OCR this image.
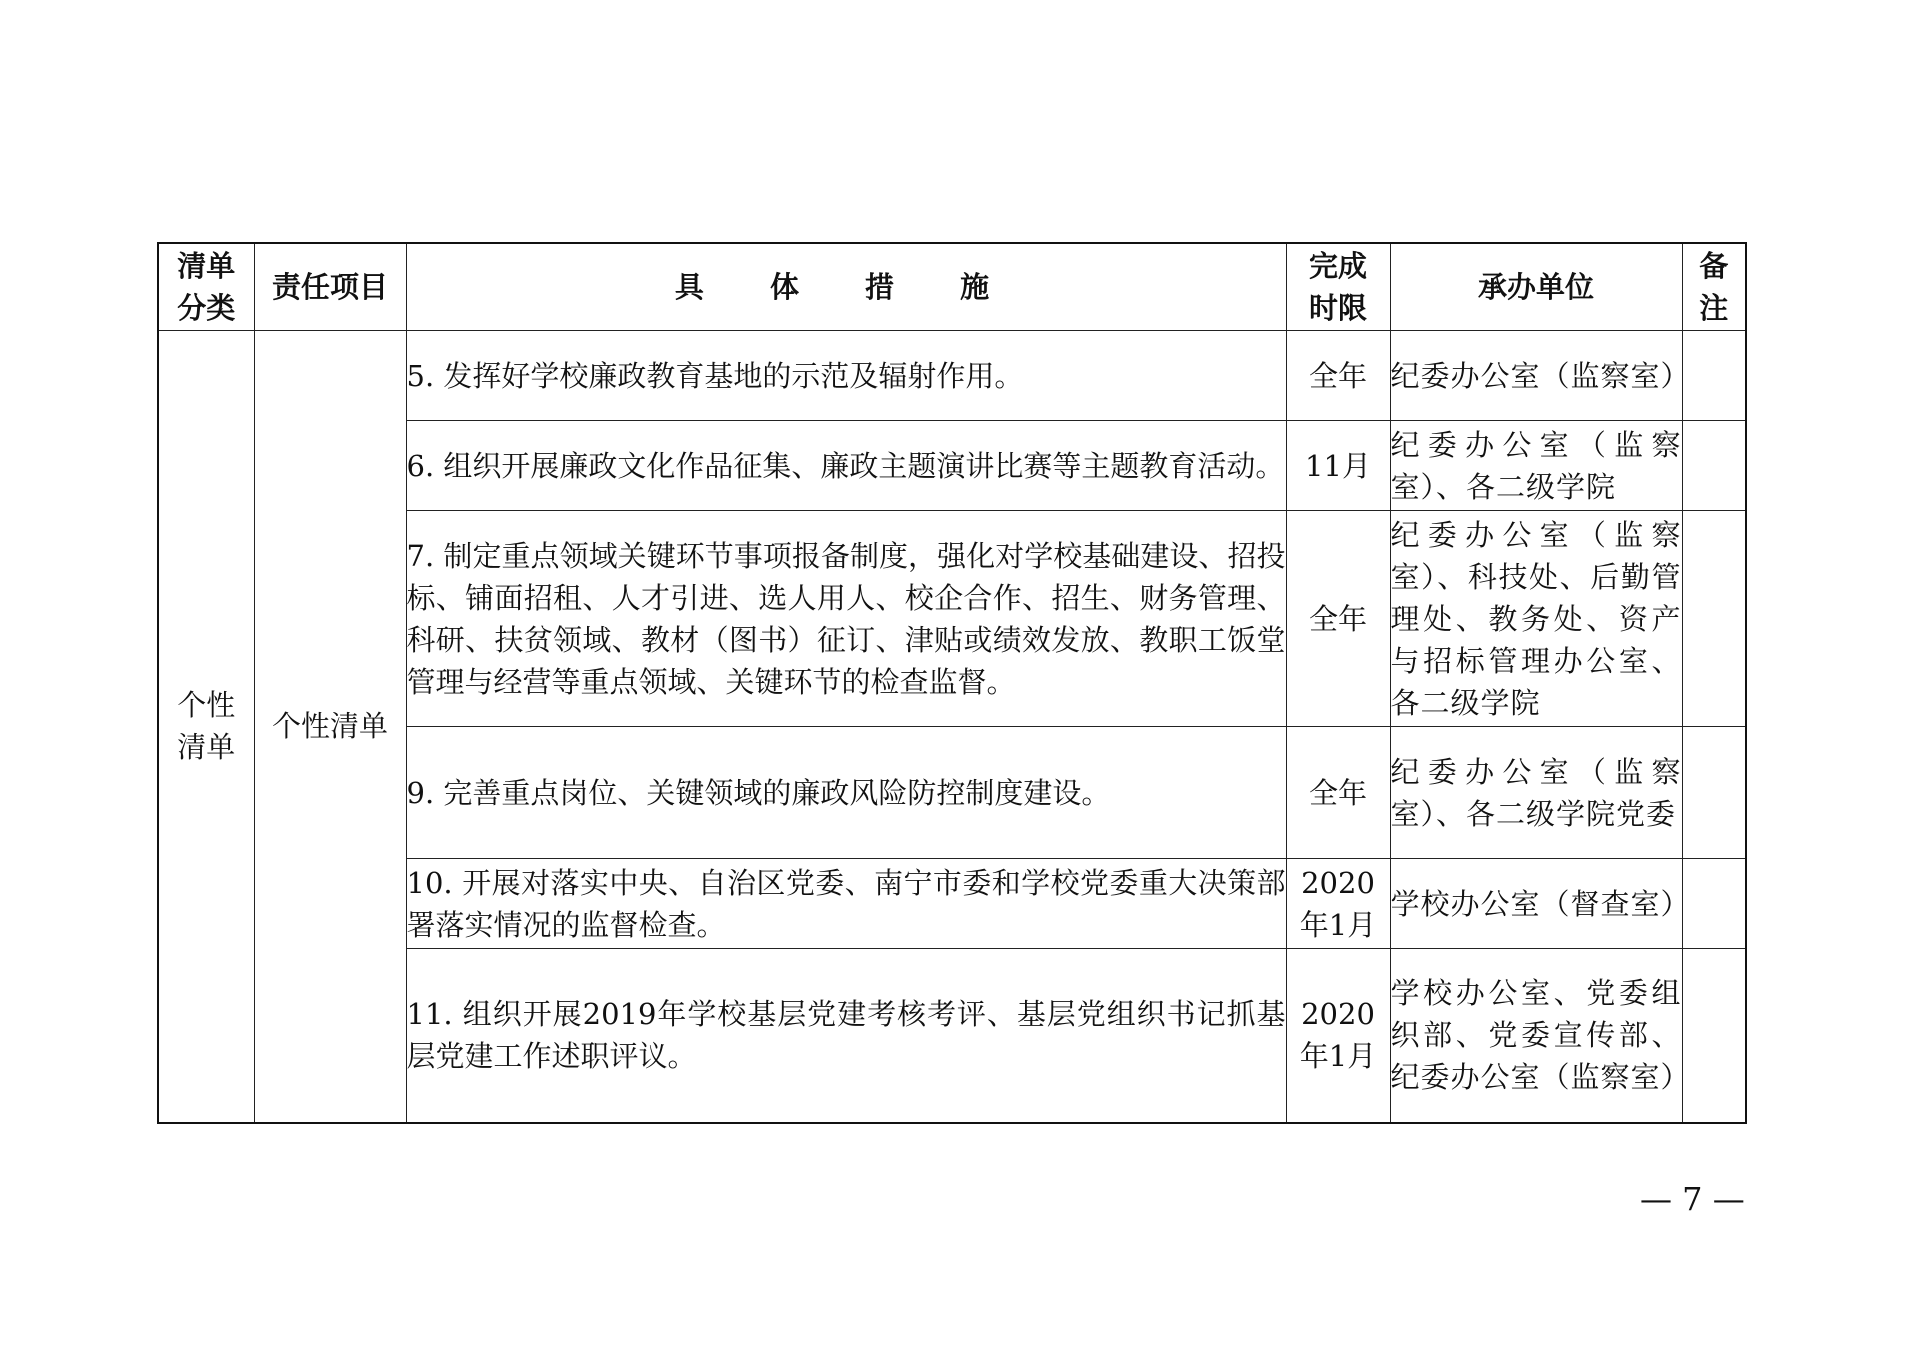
清单分类	责任项目	具 体 措 施	完成时限	承办单位	备注
个性清单	个性清单	5. 发挥好学校廉政教育基地的示范及辐射作用。	全年	纪委办公室（监察室）	
		6. 组织开展廉政文化作品征集、廉政主题演讲比赛等主题教育活动。	11月	纪委办公室（监察室）、各二级学院	
		7. 制定重点领域关键环节事项报备制度，强化对学校基础建设、招投标、铺面招租、人才引进、选人用人、校企合作、招生、财务管理、科研、扶贫领域、教材（图书）征订、津贴或绩效发放、教职工饭堂管理与经营等重点领域、关键环节的检查监督。	全年	纪委办公室（监察室）、科技处、后勤管理处、教务处、资产与招标管理办公室、各二级学院	
		9. 完善重点岗位、关键领域的廉政风险防控制度建设。	全年	纪委办公室（监察室）、各二级学院党委	
		10. 开展对落实中央、自治区党委、南宁市委和学校党委重大决策部署落实情况的监督检查。	2020年1月	学校办公室（督查室）	
		11. 组织开展2019年学校基层党建考核考评、基层党组织书记抓基层党建工作述职评议。	2020年1月	学校办公室、党委组织部、党委宣传部、纪委办公室（监察室）	
— 7 —
